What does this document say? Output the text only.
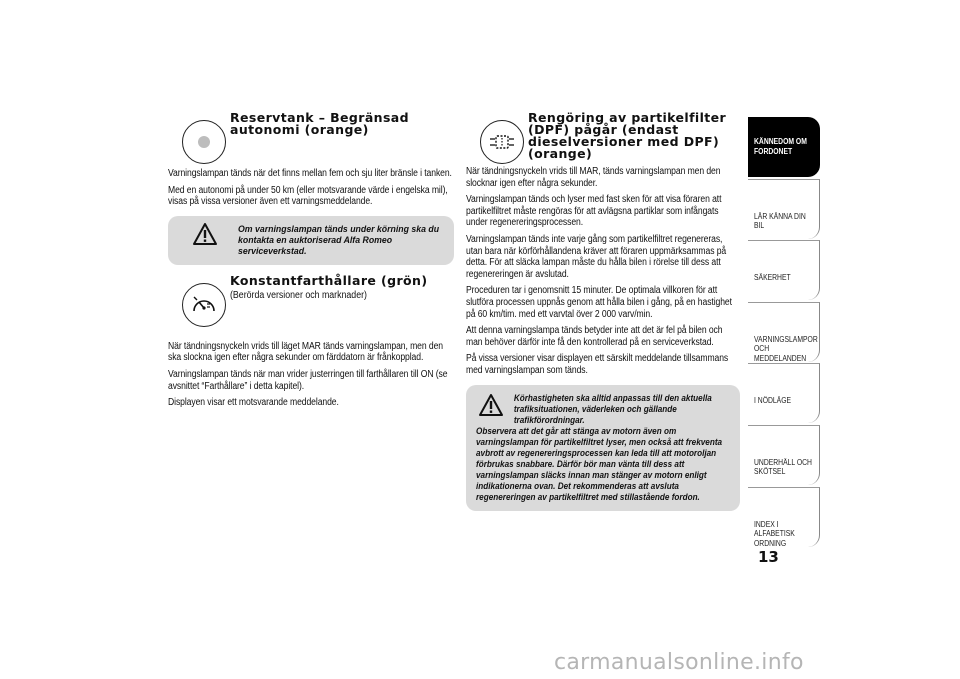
Reservtank – Begränsad autonomi (orange)

Varningslampan tänds när det finns mellan fem och sju liter bränsle i tanken.

Med en autonomi på under 50 km (eller motsvarande värde i engelska mil), visas på vissa versioner även ett varningsmeddelande.

Om varningslampan tänds under körning ska du kontakta en auktoriserad Alfa Romeo serviceverkstad.
Konstantfarthållare (grön)
(Berörda versioner och marknader)

När tändningsnyckeln vrids till läget MAR tänds varningslampan, men den ska slockna igen efter några sekunder om färddatorn är frånkopplad.

Varningslampan tänds när man vrider justerringen till farthållaren till ON (se avsnittet “Farthållare” i detta kapitel).

Displayen visar ett motsvarande meddelande.

Rengöring av partikelfilter (DPF) pågår (endast dieselversioner med DPF) (orange)

När tändningsnyckeln vrids till MAR, tänds varningslampan men den slocknar igen efter några sekunder.

Varningslampan tänds och lyser med fast sken för att visa föraren att partikelfiltret måste rengöras för att avlägsna partiklar som infångats under regenereringsprocessen.

Varningslampan tänds inte varje gång som partikelfiltret regenereras, utan bara när körförhållandena kräver att föraren uppmärksammas på detta. För att släcka lampan måste du hålla bilen i rörelse till dess att regenereringen är avslutad.

Proceduren tar i genomsnitt 15 minuter. De optimala villkoren för att slutföra processen uppnås genom att hålla bilen i gång, på en hastighet på 60 km/tim. med ett varvtal över 2 000 varv/min.

Att denna varningslampa tänds betyder inte att det är fel på bilen och man behöver därför inte få den kontrollerad på en serviceverkstad.

På vissa versioner visar displayen ett särskilt meddelande tillsammans med varningslampan som tänds.

Körhastigheten ska alltid anpassas till den aktuella trafiksituationen, väderleken och gällande trafikförordningar.
Observera att det går att stänga av motorn även om varningslampan för partikelfiltret lyser, men också att frekventa avbrott av regenereringsprocessen kan leda till att motoroljan förbrukas snabbare. Därför bör man vänta till dess att varningslampan släcks innan man stänger av motorn enligt indikationerna ovan. Det rekommenderas att avsluta regenereringen av partikelfiltret med stillastående fordon.
KÄNNEDOM OM FORDONET
LÄR KÄNNA DIN BIL
SÄKERHET
VARNINGSLAMPOR OCH MEDDELANDEN
I NÖDLÄGE
UNDERHÅLL OCH SKÖTSEL
INDEX I ALFABETISK ORDNING
13
carmanualsonline.info
